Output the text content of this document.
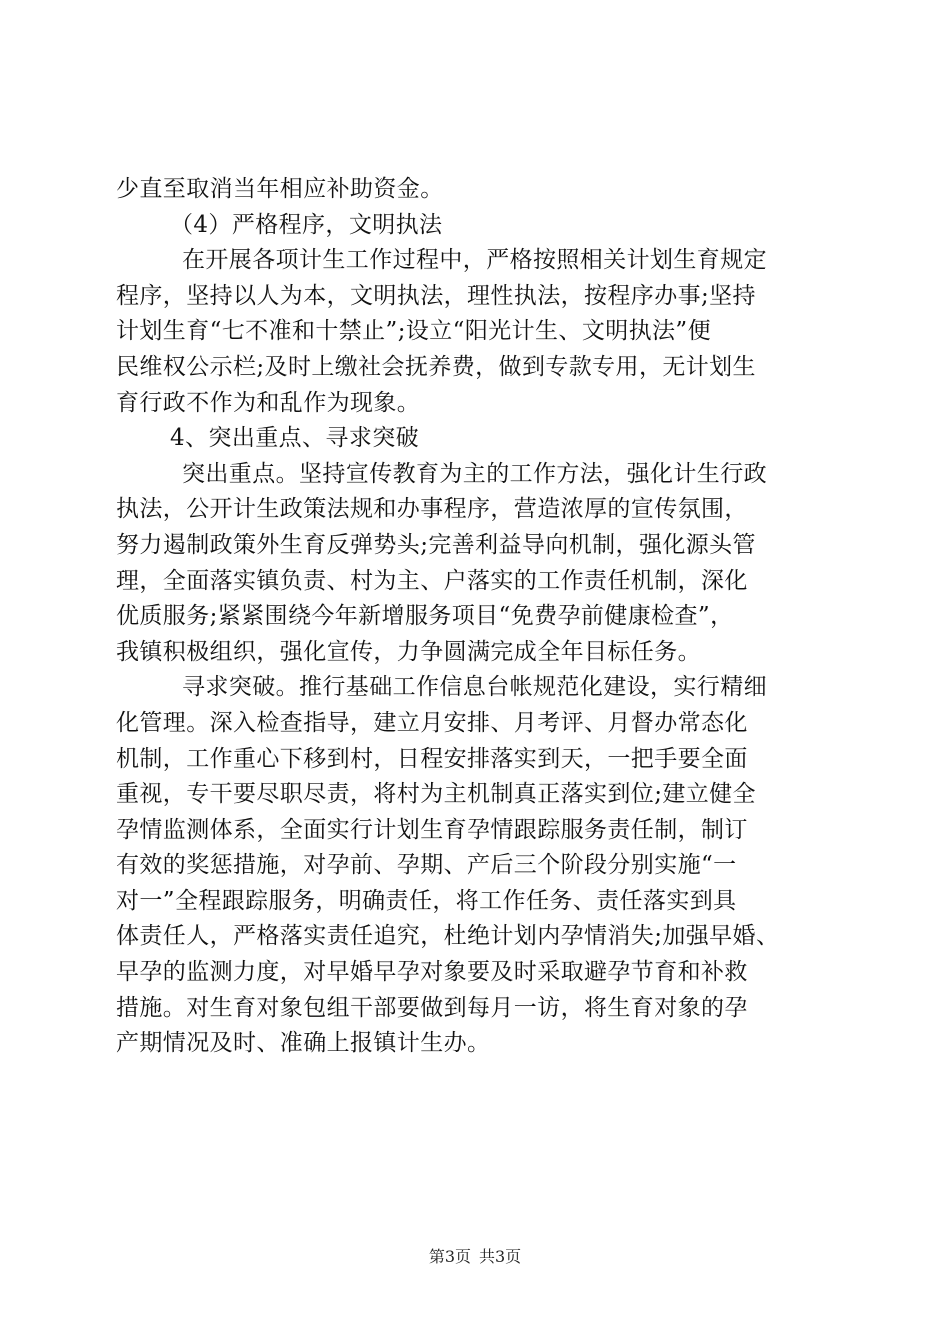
少直至取消当年相应补助资金。
（4）严格程序，文明执法
在开展各项计生工作过程中，严格按照相关计划生育规定
程序，坚持以人为本，文明执法，理性执法，按程序办事;坚持
计划生育“七不准和十禁止”;设立“阳光计生、文明执法”便
民维权公示栏;及时上缴社会抚养费，做到专款专用，无计划生
育行政不作为和乱作为现象。
4、突出重点、寻求突破
突出重点。坚持宣传教育为主的工作方法，强化计生行政
执法，公开计生政策法规和办事程序，营造浓厚的宣传氛围，
努力遏制政策外生育反弹势头;完善利益导向机制，强化源头管
理，全面落实镇负责、村为主、户落实的工作责任机制，深化
优质服务;紧紧围绕今年新增服务项目“免费孕前健康检查”，
我镇积极组织，强化宣传，力争圆满完成全年目标任务。
寻求突破。推行基础工作信息台帐规范化建设，实行精细
化管理。深入检查指导，建立月安排、月考评、月督办常态化
机制，工作重心下移到村，日程安排落实到天，一把手要全面
重视，专干要尽职尽责，将村为主机制真正落实到位;建立健全
孕情监测体系，全面实行计划生育孕情跟踪服务责任制，制订
有效的奖惩措施，对孕前、孕期、产后三个阶段分别实施“一
对一”全程跟踪服务，明确责任，将工作任务、责任落实到具
体责任人，严格落实责任追究，杜绝计划内孕情消失;加强早婚、
早孕的监测力度，对早婚早孕对象要及时采取避孕节育和补救
措施。对生育对象包组干部要做到每月一访，将生育对象的孕
产期情况及时、准确上报镇计生办。
第3页 共3页
